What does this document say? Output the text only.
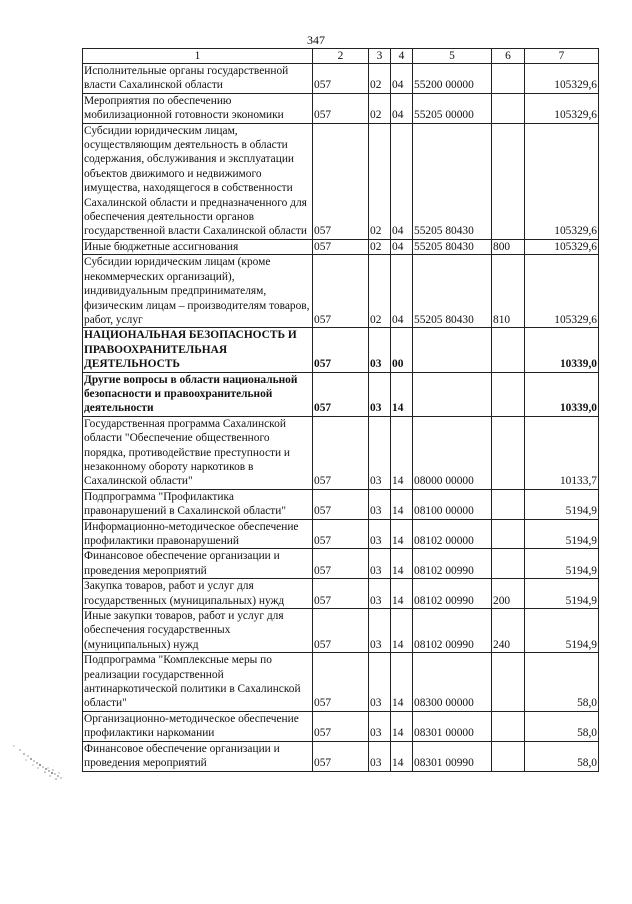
347
1	2	3	4	5	6	7
Исполнительные органы государственной власти Сахалинской области	057	02	04	55200 00000		105329,6
Мероприятия по обеспечению мобилизационной готовности экономики	057	02	04	55205 00000		105329,6
Субсидии юридическим лицам, осуществляющим деятельность в области содержания, обслуживания и эксплуатации объектов движимого и недвижимого имущества, находящегося в собственности Сахалинской области и предназначенного для обеспечения деятельности органов государственной власти Сахалинской области	057	02	04	55205 80430		105329,6
Иные бюджетные ассигнования	057	02	04	55205 80430	800	105329,6
Субсидии юридическим лицам (кроме некоммерческих организаций), индивидуальным предпринимателям, физическим лицам – производителям товаров, работ, услуг	057	02	04	55205 80430	810	105329,6
НАЦИОНАЛЬНАЯ БЕЗОПАСНОСТЬ И ПРАВООХРАНИТЕЛЬНАЯ ДЕЯТЕЛЬНОСТЬ	057	03	00			10339,0
Другие вопросы в области национальной безопасности и правоохранительной деятельности	057	03	14			10339,0
Государственная программа Сахалинской области "Обеспечение общественного порядка, противодействие преступности и незаконному обороту наркотиков в Сахалинской области"	057	03	14	08000 00000		10133,7
Подпрограмма "Профилактика правонарушений в Сахалинской области"	057	03	14	08100 00000		5194,9
Информационно-методическое обеспечение профилактики правонарушений	057	03	14	08102 00000		5194,9
Финансовое обеспечение организации и проведения мероприятий	057	03	14	08102 00990		5194,9
Закупка товаров, работ и услуг для государственных (муниципальных) нужд	057	03	14	08102 00990	200	5194,9
Иные закупки товаров, работ и услуг для обеспечения государственных (муниципальных) нужд	057	03	14	08102 00990	240	5194,9
Подпрограмма "Комплексные меры по реализации государственной антинаркотической политики в Сахалинской области"	057	03	14	08300 00000		58,0
Организационно-методическое обеспечение профилактики наркомании	057	03	14	08301 00000		58,0
Финансовое обеспечение организации и проведения мероприятий	057	03	14	08301 00990		58,0
